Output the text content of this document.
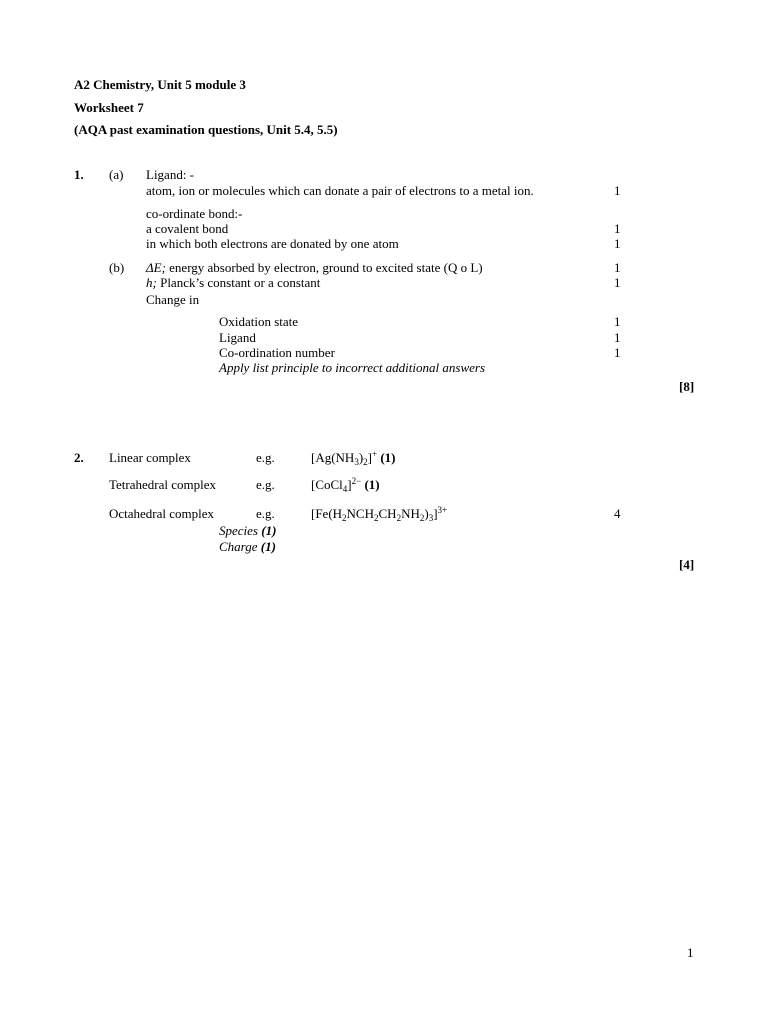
A2 Chemistry, Unit 5 module 3
Worksheet 7
(AQA past examination questions, Unit 5.4, 5.5)
1. (a) Ligand: -
atom, ion or molecules which can donate a pair of electrons to a metal ion.	1
co-ordinate bond:-
a covalent bond	1
in which both electrons are donated by one atom	1
(b) ΔE; energy absorbed by electron, ground to excited state (Q o L)	1
h; Planck’s constant or a constant	1
Change in
Oxidation state	1
Ligand	1
Co-ordination number	1
Apply list principle to incorrect additional answers
[8]
2. Linear complex	e.g.	$[Ag(NH_3)_2]^+$ (1)
Tetrahedral complex	e.g.	[CoCl$_4$]$^{2-}$ (1)
Octahedral complex	e.g.	$[Fe(H_2NCH_2CH_2NH_2)_3]^{3+}$	4
Species (1)
Charge (1)
[4]
1
